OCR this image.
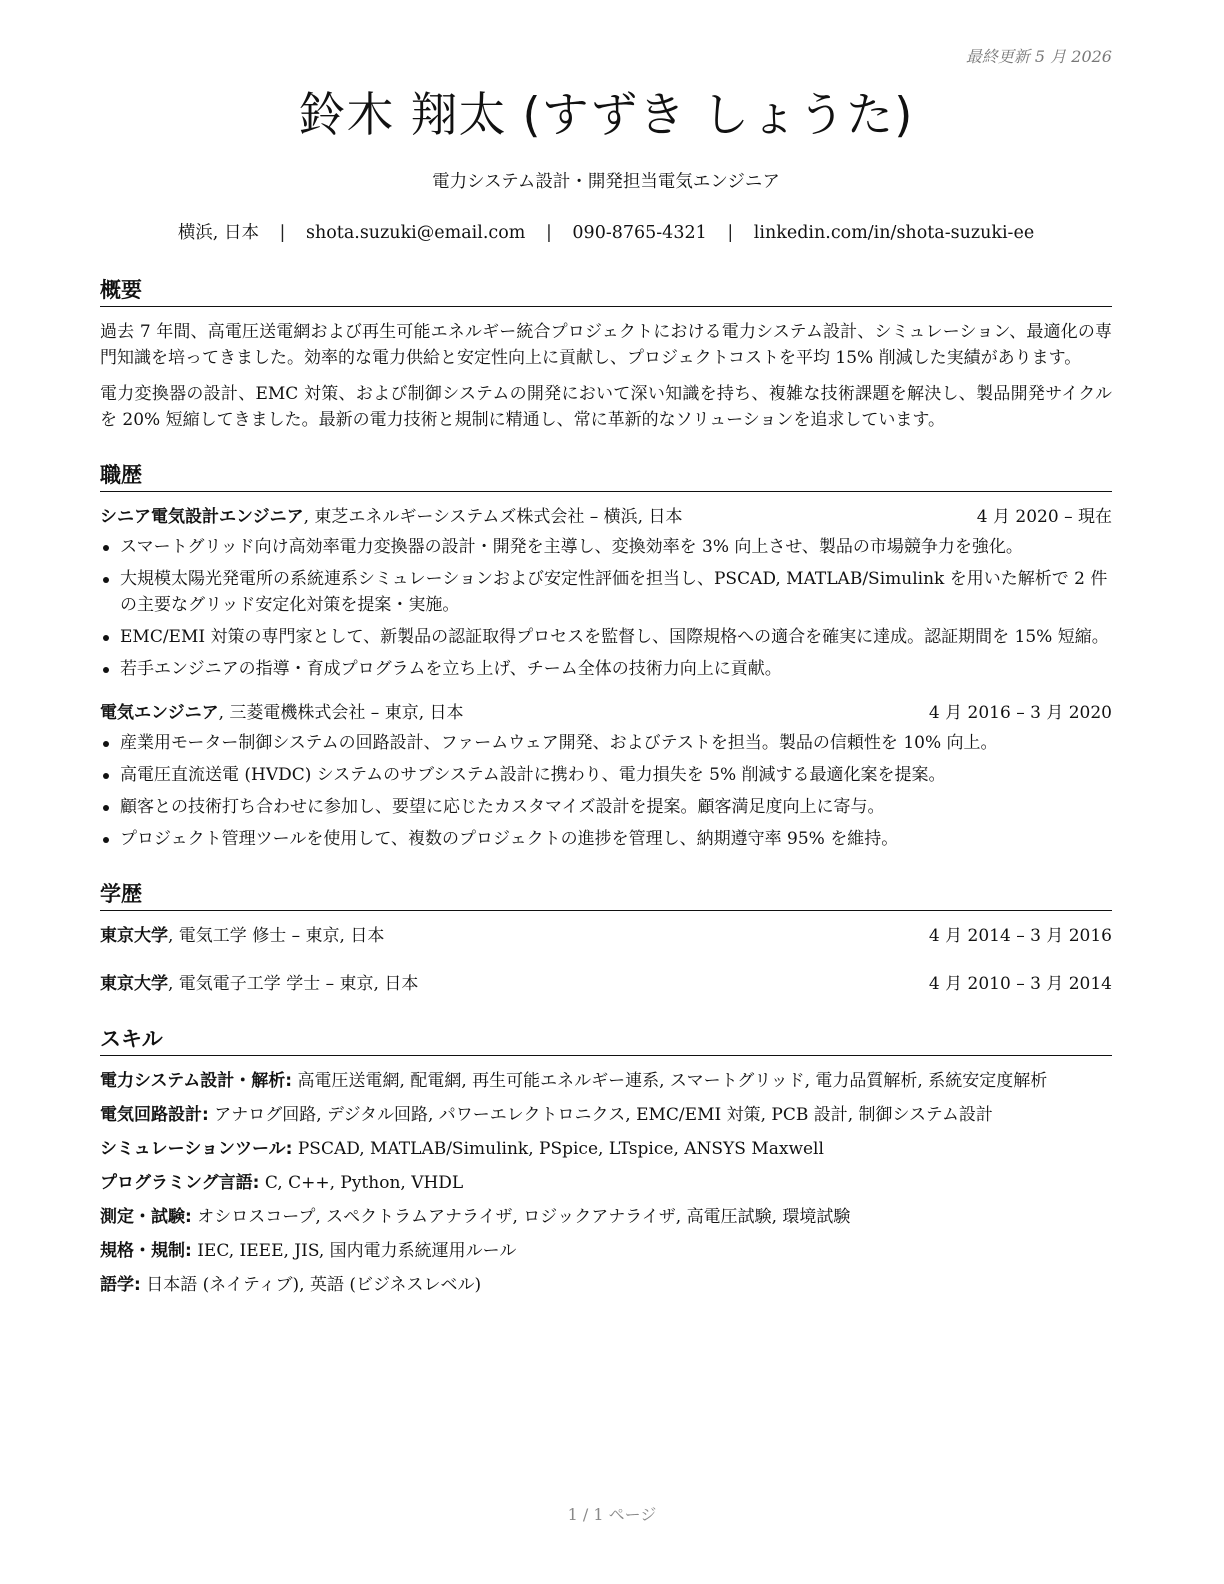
最終更新 5 月 2026
鈴木 翔太 (すずき しょうた)
電力システム設計・開発担当電気エンジニア
横浜, 日本 | shota.suzuki@email.com | 090-8765-4321 | linkedin.com/in/shota-suzuki-ee
概要

過去 7 年間、高電圧送電網および再生可能エネルギー統合プロジェクトにおける電力システム設計、シミュレーション、最適化の専門知識を培ってきました。効率的な電力供給と安定性向上に貢献し、プロジェクトコストを平均 15% 削減した実績があります。

電力変換器の設計、EMC 対策、および制御システムの開発において深い知識を持ち、複雑な技術課題を解決し、製品開発サイクルを 20% 短縮してきました。最新の電力技術と規制に精通し、常に革新的なソリューションを追求しています。

職歴
シニア電気設計エンジニア, 東芝エネルギーシステムズ株式会社 – 横浜, 日本	4 月 2020 – 現在
スマートグリッド向け高効率電力変換器の設計・開発を主導し、変換効率を 3% 向上させ、製品の市場競争力を強化。
大規模太陽光発電所の系統連系シミュレーションおよび安定性評価を担当し、PSCAD, MATLAB/Simulink を用いた解析で 2 件の主要なグリッド安定化対策を提案・実施。
EMC/EMI 対策の専門家として、新製品の認証取得プロセスを監督し、国際規格への適合を確実に達成。認証期間を 15% 短縮。
若手エンジニアの指導・育成プログラムを立ち上げ、チーム全体の技術力向上に貢献。
電気エンジニア, 三菱電機株式会社 – 東京, 日本	4 月 2016 – 3 月 2020
産業用モーター制御システムの回路設計、ファームウェア開発、およびテストを担当。製品の信頼性を 10% 向上。
高電圧直流送電 (HVDC) システムのサブシステム設計に携わり、電力損失を 5% 削減する最適化案を提案。
顧客との技術打ち合わせに参加し、要望に応じたカスタマイズ設計を提案。顧客満足度向上に寄与。
プロジェクト管理ツールを使用して、複数のプロジェクトの進捗を管理し、納期遵守率 95% を維持。
学歴
東京大学, 電気工学 修士 – 東京, 日本	4 月 2014 – 3 月 2016
東京大学, 電気電子工学 学士 – 東京, 日本	4 月 2010 – 3 月 2014
スキル
電力システム設計・解析: 高電圧送電網, 配電網, 再生可能エネルギー連系, スマートグリッド, 電力品質解析, 系統安定度解析
電気回路設計: アナログ回路, デジタル回路, パワーエレクトロニクス, EMC/EMI 対策, PCB 設計, 制御システム設計
シミュレーションツール: PSCAD, MATLAB/Simulink, PSpice, LTspice, ANSYS Maxwell
プログラミング言語: C, C++, Python, VHDL
測定・試験: オシロスコープ, スペクトラムアナライザ, ロジックアナライザ, 高電圧試験, 環境試験
規格・規制: IEC, IEEE, JIS, 国内電力系統運用ルール
語学: 日本語 (ネイティブ), 英語 (ビジネスレベル)
1 / 1 ページ
